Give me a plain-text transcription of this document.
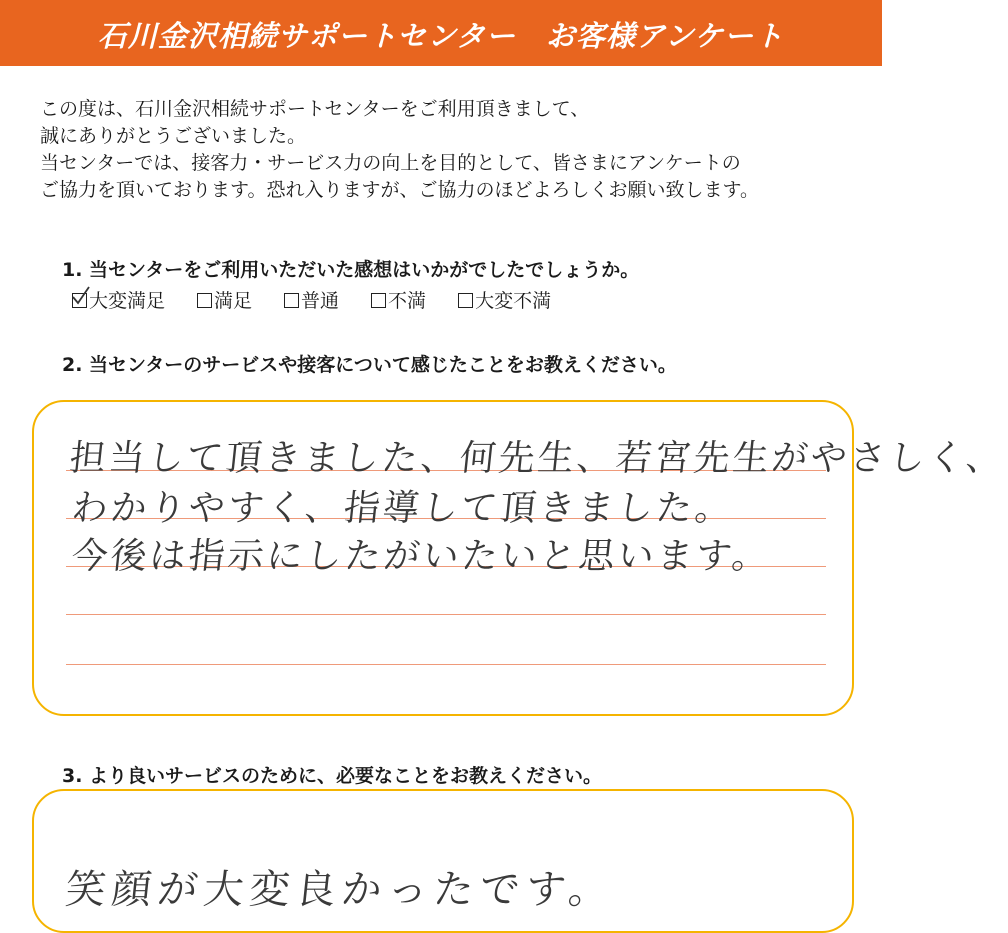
石川金沢相続サポートセンター　お客様アンケート
この度は、石川金沢相続サポートセンターをご利用頂きまして、
誠にありがとうございました。
当センターでは、接客力・サービス力の向上を目的として、皆さまにアンケートの
ご協力を頂いております。恐れ入りますが、ご協力のほどよろしくお願い致します。
1. 当センターをご利用いただいた感想はいかがでしたでしょうか。
大変満足	満足	普通	不満	大変不満
2. 当センターのサービスや接客について感じたことをお教えください。
担当して頂きました、何先生、若宮先生がやさしく、
わかりやすく、指導して頂きました。
今後は指示にしたがいたいと思います。
3. より良いサービスのために、必要なことをお教えください。
笑顔が大変良かったです。
